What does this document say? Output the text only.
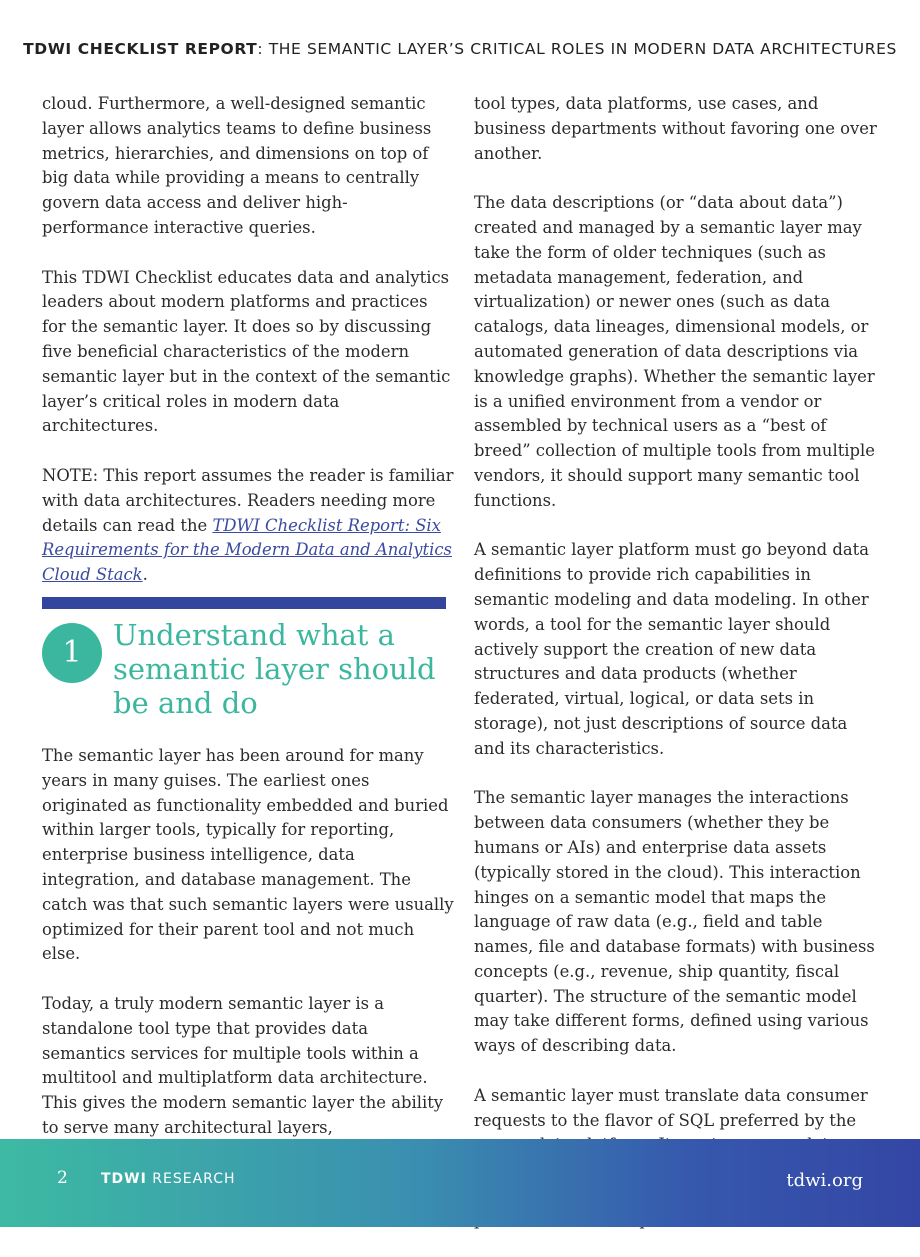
TDWI CHECKLIST REPORT: THE SEMANTIC LAYER’S CRITICAL ROLES IN MODERN DATA ARCHITECTURES

cloud. Furthermore, a well-designed semantic layer allows analytics teams to define business metrics, hierarchies, and dimensions on top of big data while providing a means to centrally govern data access and deliver high-performance interactive queries.

This TDWI Checklist educates data and analytics leaders about modern platforms and practices for the semantic layer. It does so by discussing five beneficial characteristics of the modern semantic layer but in the context of the semantic layer’s critical roles in modern data architectures.

NOTE: This report assumes the reader is familiar with data architectures. Readers needing more details can read the TDWI Checklist Report: Six Requirements for the Modern Data and Analytics Cloud Stack.

1	Understand what a semantic layer should be and do

The semantic layer has been around for many years in many guises. The earliest ones originated as functionality embedded and buried within larger tools, typically for reporting, enterprise business intelligence, data integration, and database management. The catch was that such semantic layers were usually optimized for their parent tool and not much else.

Today, a truly modern semantic layer is a standalone tool type that provides data semantics services for multiple tools within a multitool and multiplatform data architecture. This gives the modern semantic layer the ability to serve many architectural layers,

tool types, data platforms, use cases, and business departments without favoring one over another.

The data descriptions (or “data about data”) created and managed by a semantic layer may take the form of older techniques (such as metadata management, federation, and virtualization) or newer ones (such as data catalogs, data lineages, dimensional models, or automated generation of data descriptions via knowledge graphs). Whether the semantic layer is a unified environment from a vendor or assembled by technical users as a “best of breed” collection of multiple tools from multiple vendors, it should support many semantic tool functions.

A semantic layer platform must go beyond data definitions to provide rich capabilities in semantic modeling and data modeling. In other words, a tool for the semantic layer should actively support the creation of new data structures and data products (whether federated, virtual, logical, or data sets in storage), not just descriptions of source data and its characteristics.

The semantic layer manages the interactions between data consumers (whether they be humans or AIs) and enterprise data assets (typically stored in the cloud). This interaction hinges on a semantic model that maps the language of raw data (e.g., field and table names, file and database formats) with business concepts (e.g., revenue, ship quantity, fiscal quarter). The structure of the semantic model may take different forms, defined using various ways of describing data.

A semantic layer must translate data consumer requests to the flavor of SQL preferred by the

2 TDWI RESEARCH	tdwi.org
